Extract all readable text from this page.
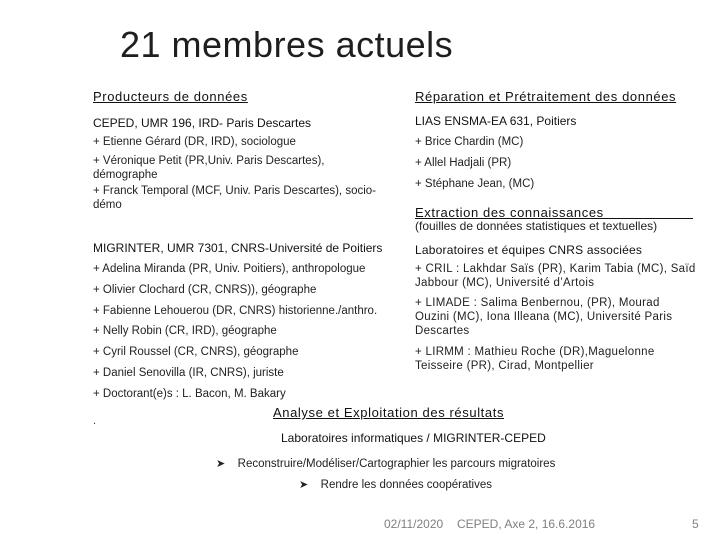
21 membres actuels
Producteurs de données	Réparation et Prétraitement des données
CEPED, UMR 196, IRD- Paris Descartes
+ Etienne Gérard (DR, IRD), sociologue
+ Véronique Petit (PR,Univ. Paris Descartes), démographe
+ Franck Temporal (MCF, Univ. Paris Descartes), socio-démo
LIAS ENSMA-EA 631, Poitiers
+ Brice Chardin (MC)
+ Allel Hadjali (PR)
+ Stéphane Jean, (MC)
Extraction des connaissances
(fouilles de données statistiques et textuelles)
MIGRINTER, UMR 7301, CNRS-Université de Poitiers
+ Adelina Miranda (PR, Univ. Poitiers), anthropologue
+ Olivier Clochard (CR, CNRS)), géographe
+ Fabienne Lehouerou (DR, CNRS) historienne./anthro.
+ Nelly Robin (CR, IRD), géographe
+ Cyril Roussel (CR, CNRS), géographe
+ Daniel Senovilla (IR, CNRS), juriste
+ Doctorant(e)s : L. Bacon, M. Bakary
.
Laboratoires et équipes CNRS associées
+ CRIL : Lakhdar Saïs (PR), Karim Tabia (MC), Saïd Jabbour (MC), Université d’Artois
+ LIMADE : Salima Benbernou, (PR), Mourad Ouzini (MC), Iona Illeana (MC), Université Paris Descartes
+ LIRMM : Mathieu Roche (DR),Maguelonne Teisseire (PR), Cirad, Montpellier
Analyse et Exploitation des résultats
Laboratoires informatiques / MIGRINTER-CEPED
➤ Reconstruire/Modéliser/Cartographier les parcours migratoires
➤ Rendre les données coopératives
02/11/2020 CEPED, Axe 2, 16.6.2016	5
